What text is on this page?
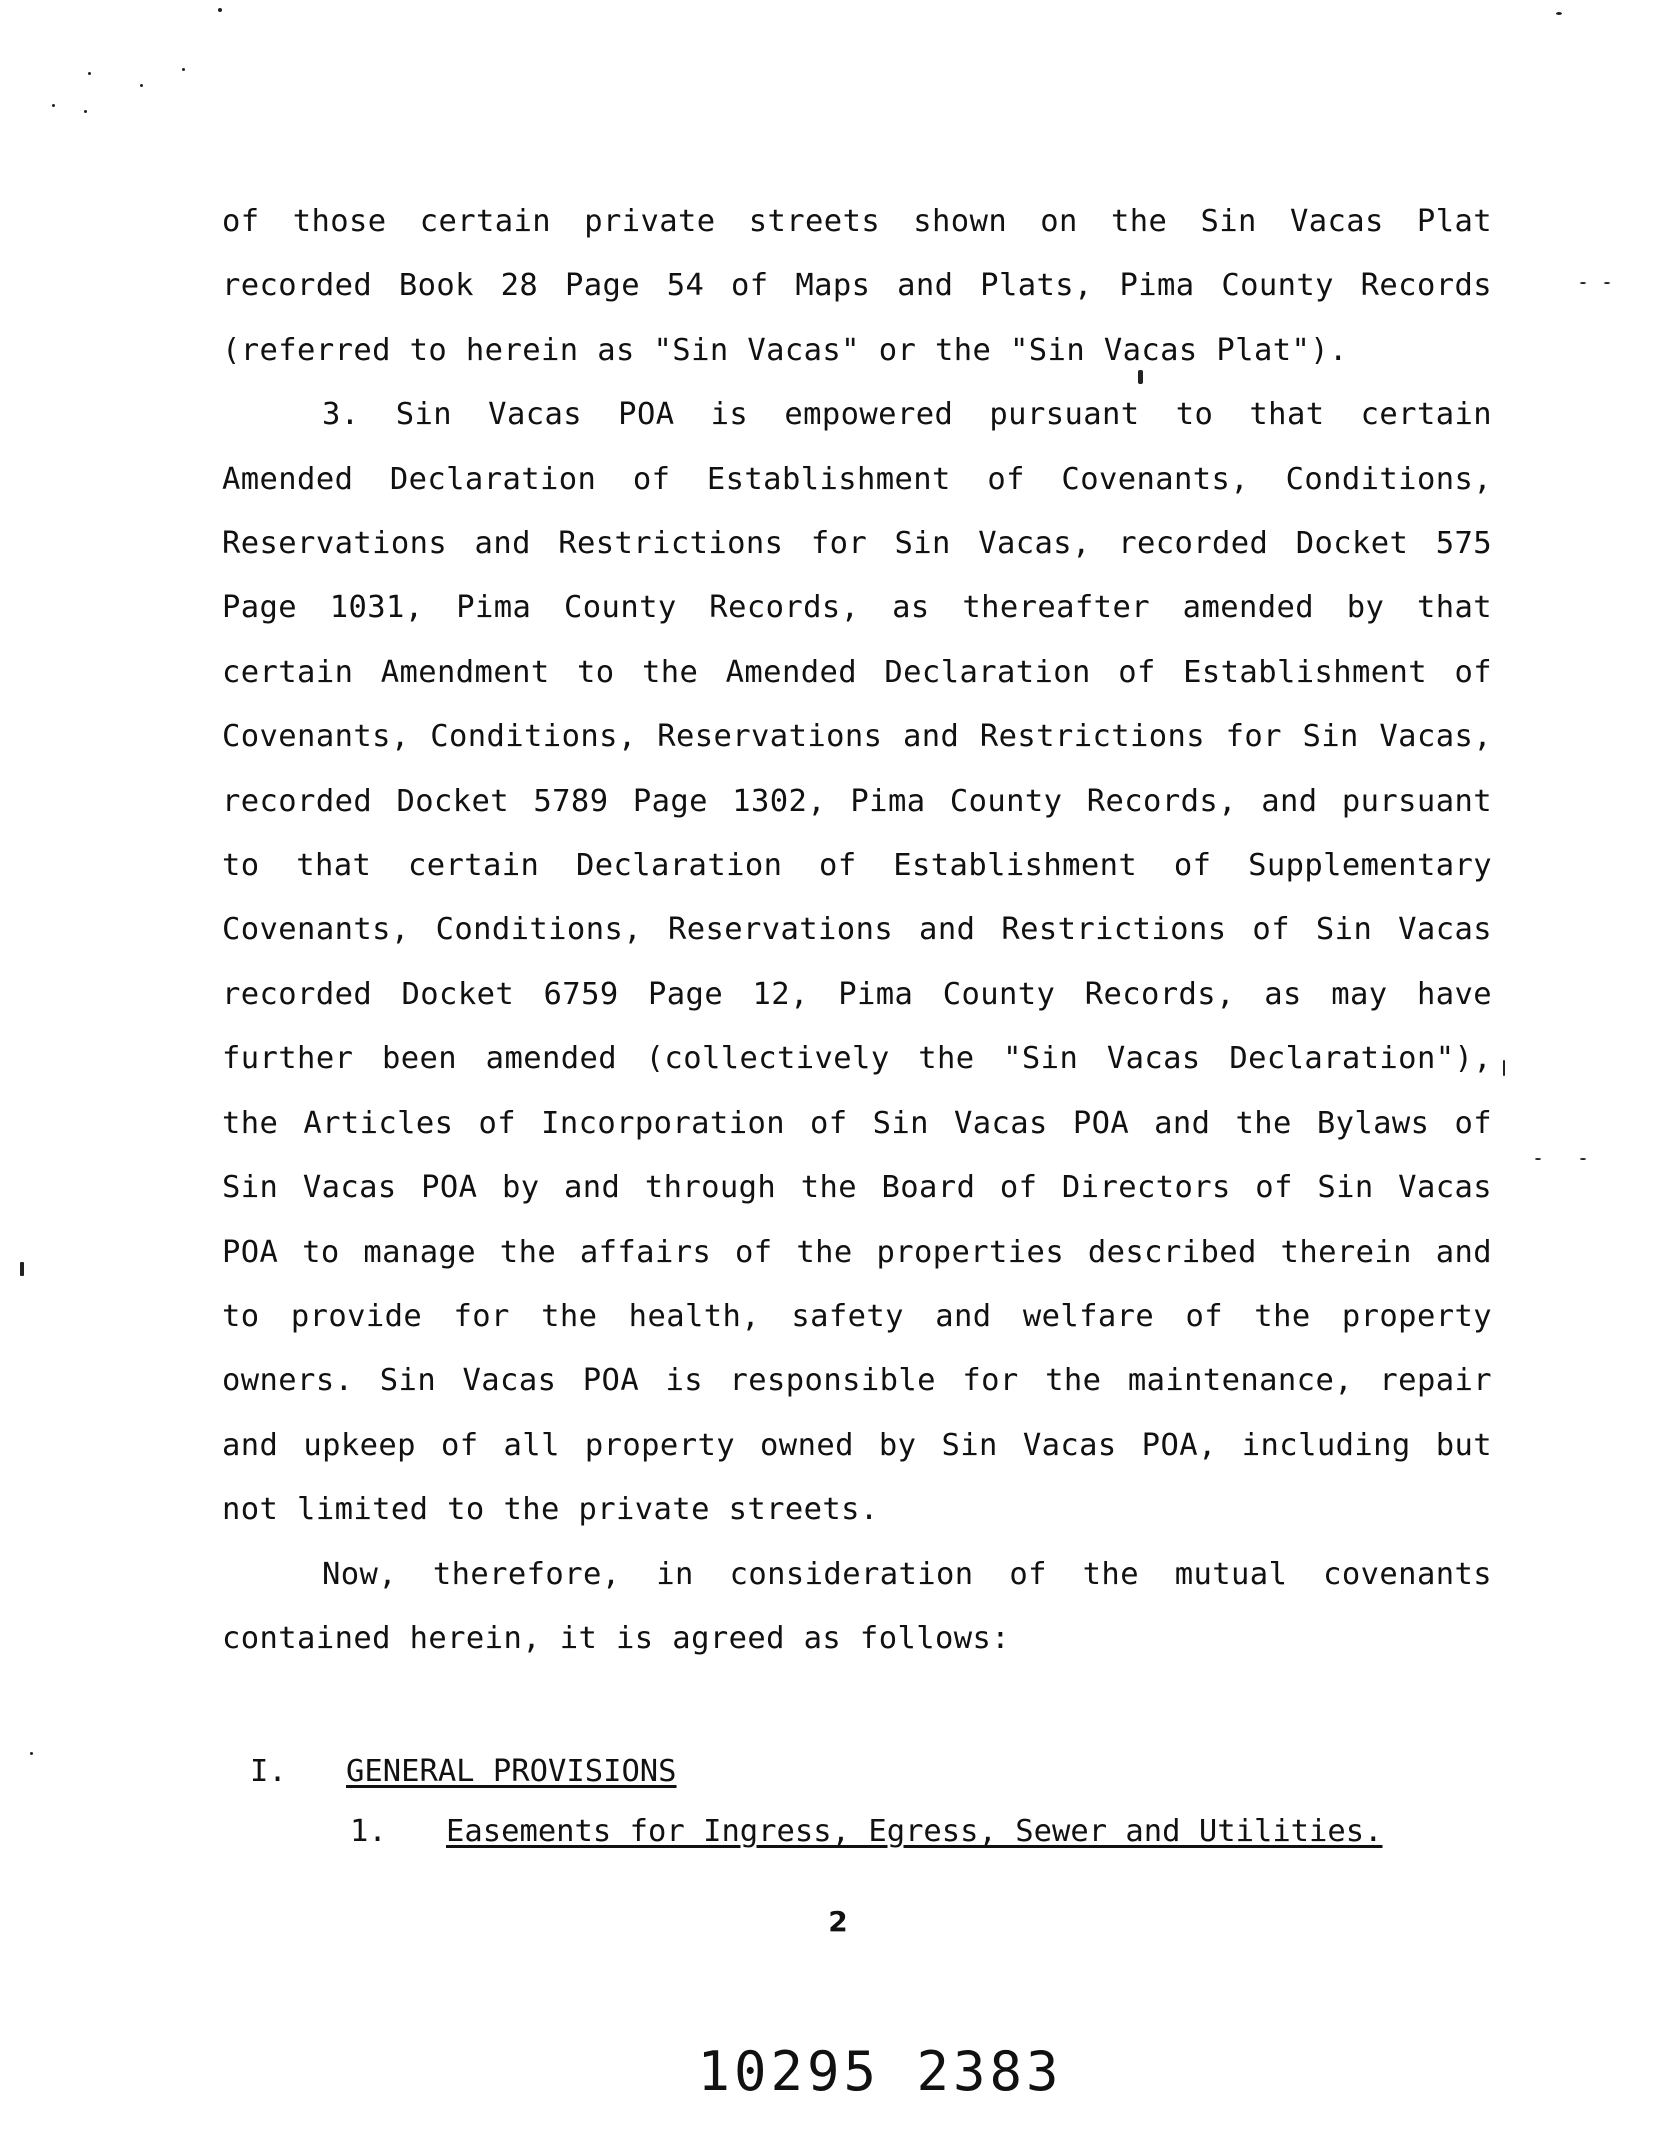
of those certain private streets shown on the Sin Vacas Plat
recorded Book 28 Page 54 of Maps and Plats, Pima County Records
(referred to herein as "Sin Vacas" or the "Sin Vacas Plat").
3. Sin Vacas POA is empowered pursuant to that certain
Amended Declaration of Establishment of Covenants, Conditions,
Reservations and Restrictions for Sin Vacas, recorded Docket 575
Page 1031, Pima County Records, as thereafter amended by that
certain Amendment to the Amended Declaration of Establishment of
Covenants, Conditions, Reservations and Restrictions for Sin Vacas,
recorded Docket 5789 Page 1302, Pima County Records, and pursuant
to that certain Declaration of Establishment of Supplementary
Covenants, Conditions, Reservations and Restrictions of Sin Vacas
recorded Docket 6759 Page 12, Pima County Records, as may have
further been amended (collectively the "Sin Vacas Declaration"),
the Articles of Incorporation of Sin Vacas POA and the Bylaws of
Sin Vacas POA by and through the Board of Directors of Sin Vacas
POA to manage the affairs of the properties described therein and
to provide for the health, safety and welfare of the property
owners. Sin Vacas POA is responsible for the maintenance, repair
and upkeep of all property owned by Sin Vacas POA, including but
not limited to the private streets.
Now, therefore, in consideration of the mutual covenants
contained herein, it is agreed as follows:
I. GENERAL PROVISIONS
1. Easements for Ingress, Egress, Sewer and Utilities.
2
10295 2383
